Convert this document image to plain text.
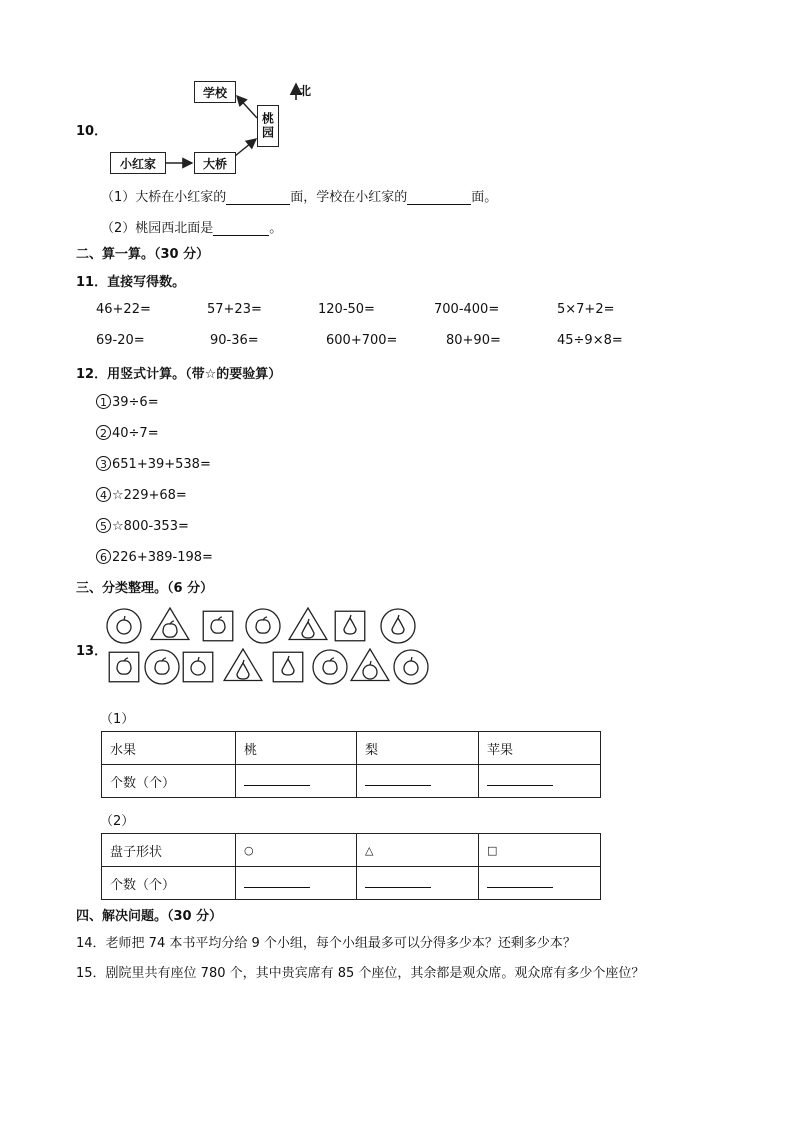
10．
学校
桃园
小红家	大桥
北
（1）大桥在小红家的	面，学校在小红家的	面。
（2）桃园西北面是	。
二、算一算。（30 分）
11．直接写得数。
46+22=	57+23=	120-50=	700-400=	5×7+2=
69-20=	90-36=	600+700=	80+90=	45÷9×8=
12．用竖式计算。（带☆的要验算）
1 39÷6=
2 40÷7=
3 651+39+538=
4 ☆229+68=
5 ☆800-353=
6 226+389-198=
三、分类整理。（6 分）
13．
（1）
水果	桃	梨	苹果
个数（个）			
（2）
盘子形状	○	△	□
个数（个）			
四、解决问题。（30 分）
14．老师把 74 本书平均分给 9 个小组，每个小组最多可以分得多少本？还剩多少本？
15．剧院里共有座位 780 个，其中贵宾席有 85 个座位，其余都是观众席。观众席有多少个座位？
